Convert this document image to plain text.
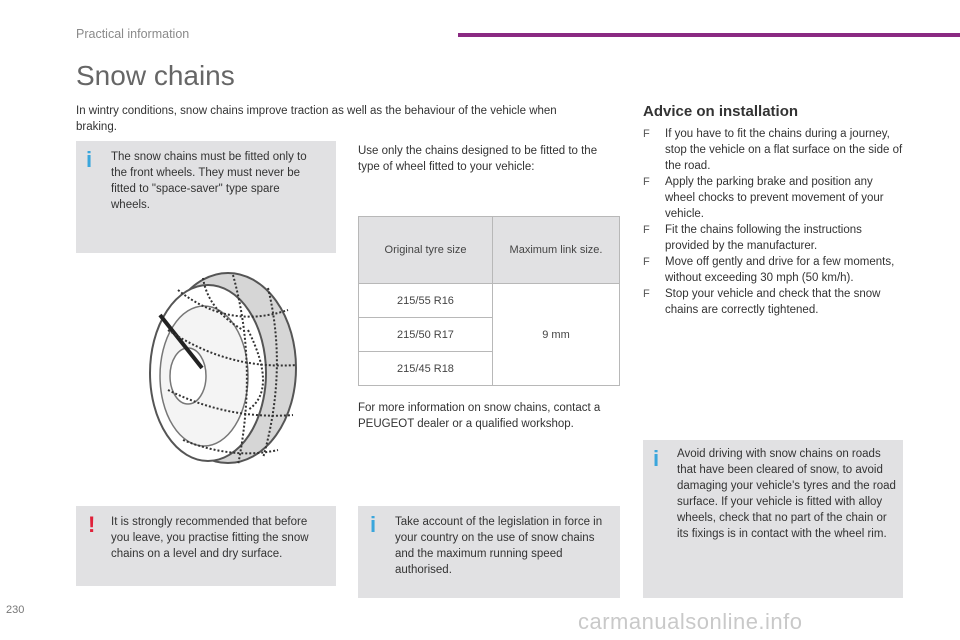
Practical information
Snow chains

In wintry conditions, snow chains improve traction as well as the behaviour of the vehicle when braking.

i The snow chains must be fitted only to the front wheels. They must never be fitted to "space-saver" type spare wheels.
! It is strongly recommended that before you leave, you practise fitting the snow chains on a level and dry surface.

Use only the chains designed to be fitted to the type of wheel fitted to your vehicle:

Original tyre size	Maximum link size.
215/55 R16	9 mm
215/50 R17	
215/45 R18	

For more information on snow chains, contact a PEUGEOT dealer or a qualified workshop.

i Take account of the legislation in force in your country on the use of snow chains and the maximum running speed authorised.
Advice on installation
F If you have to fit the chains during a journey, stop the vehicle on a flat surface on the side of the road.
F Apply the parking brake and position any wheel chocks to prevent movement of your vehicle.
F Fit the chains following the instructions provided by the manufacturer.
F Move off gently and drive for a few moments, without exceeding 30 mph (50 km/h).
F Stop your vehicle and check that the snow chains are correctly tightened.
i Avoid driving with snow chains on roads that have been cleared of snow, to avoid damaging your vehicle's tyres and the road surface. If your vehicle is fitted with alloy wheels, check that no part of the chain or its fixings is in contact with the wheel rim.
230	carmanualsonline.info
